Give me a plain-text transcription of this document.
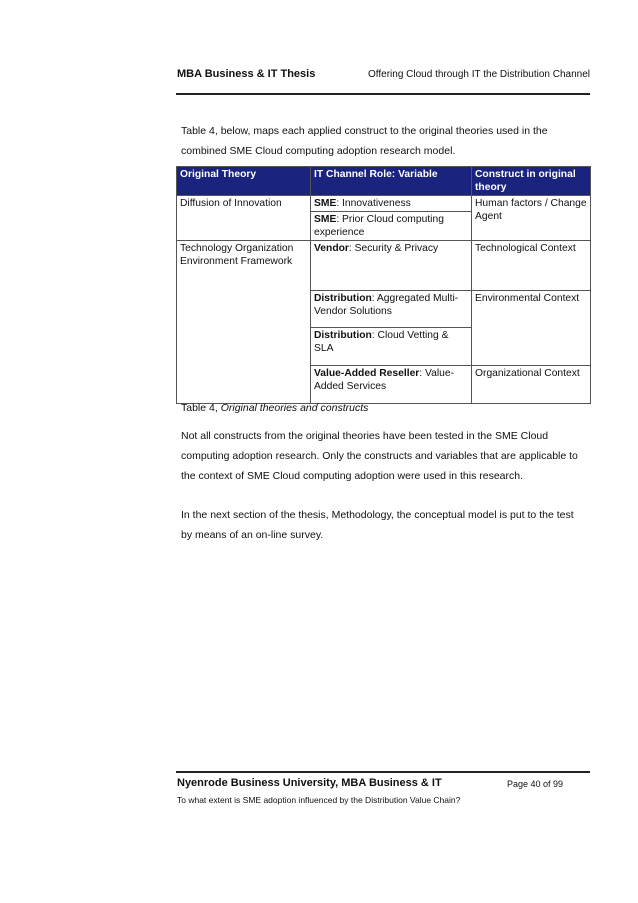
MBA Business & IT Thesis	Offering Cloud through IT the Distribution Channel
Table 4, below, maps each applied construct to the original theories used in the combined SME Cloud computing adoption research model.
Original Theory	IT Channel Role: Variable	Construct in original theory
Diffusion of Innovation	SME: Innovativeness	Human factors / Change Agent
	SME: Prior Cloud computing experience	
Technology Organization Environment Framework	Vendor: Security & Privacy	Technological Context
	Distribution: Aggregated Multi-Vendor Solutions	Environmental Context
	Distribution: Cloud Vetting & SLA	
	Value-Added Reseller: Value-Added Services	Organizational Context
Table 4, Original theories and constructs
Not all constructs from the original theories have been tested in the SME Cloud computing adoption research. Only the constructs and variables that are applicable to the context of SME Cloud computing adoption were used in this research.
In the next section of the thesis, Methodology, the conceptual model is put to the test by means of an on-line survey.
Nyenrode Business University, MBA Business & IT	Page 40 of 99
To what extent is SME adoption influenced by the Distribution Value Chain?
